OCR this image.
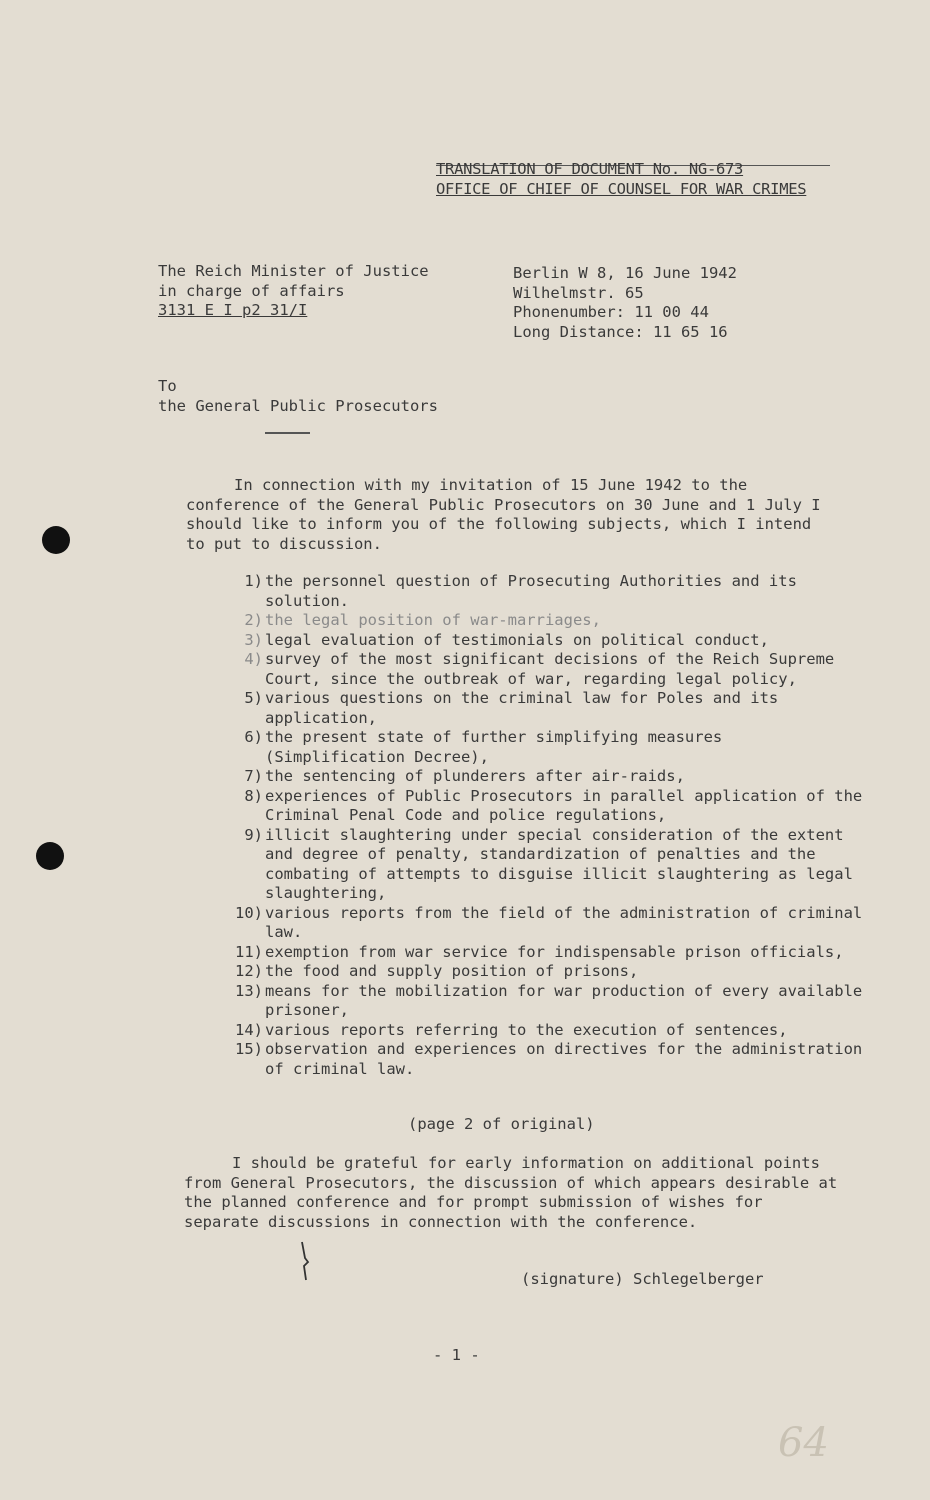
TRANSLATION OF DOCUMENT No. NG-673
OFFICE OF CHIEF OF COUNSEL FOR WAR CRIMES
The Reich Minister of Justice
in charge of affairs
3131 E I p2 31/I
Berlin W 8, 16 June 1942
Wilhelmstr. 65
Phonenumber: 11 00 44
Long Distance: 11 65 16
To
the General Public Prosecutors

In connection with my invitation of 15 June 1942 to the conference of the General Public Prosecutors on 30 June and 1 July I should like to inform you of the following subjects, which I intend to put to discussion.

1) the personnel question of Prosecuting Authorities and its solution.
2) the legal position of war-marriages,
3) legal evaluation of testimonials on political conduct,
4) survey of the most significant decisions of the Reich Supreme Court, since the outbreak of war, regarding legal policy,
5) various questions on the criminal law for Poles and its application,
6) the present state of further simplifying measures (Simplification Decree),
7) the sentencing of plunderers after air-raids,
8) experiences of Public Prosecutors in parallel application of the Criminal Penal Code and police regulations,
9) illicit slaughtering under special consideration of the extent and degree of penalty, standardization of penalties and the combating of attempts to disguise illicit slaughtering as legal slaughtering,
10) various reports from the field of the administration of criminal law.
11) exemption from war service for indispensable prison officials,
12) the food and supply position of prisons,
13) means for the mobilization for war production of every available prisoner,
14) various reports referring to the execution of sentences,
15) observation and experiences on directives for the administration of criminal law.
(page 2 of original)

I should be grateful for early information on additional points from General Prosecutors, the discussion of which appears desirable at the planned conference and for prompt submission of wishes for separate discussions in connection with the conference.

(signature) Schlegelberger
- 1 -
64
